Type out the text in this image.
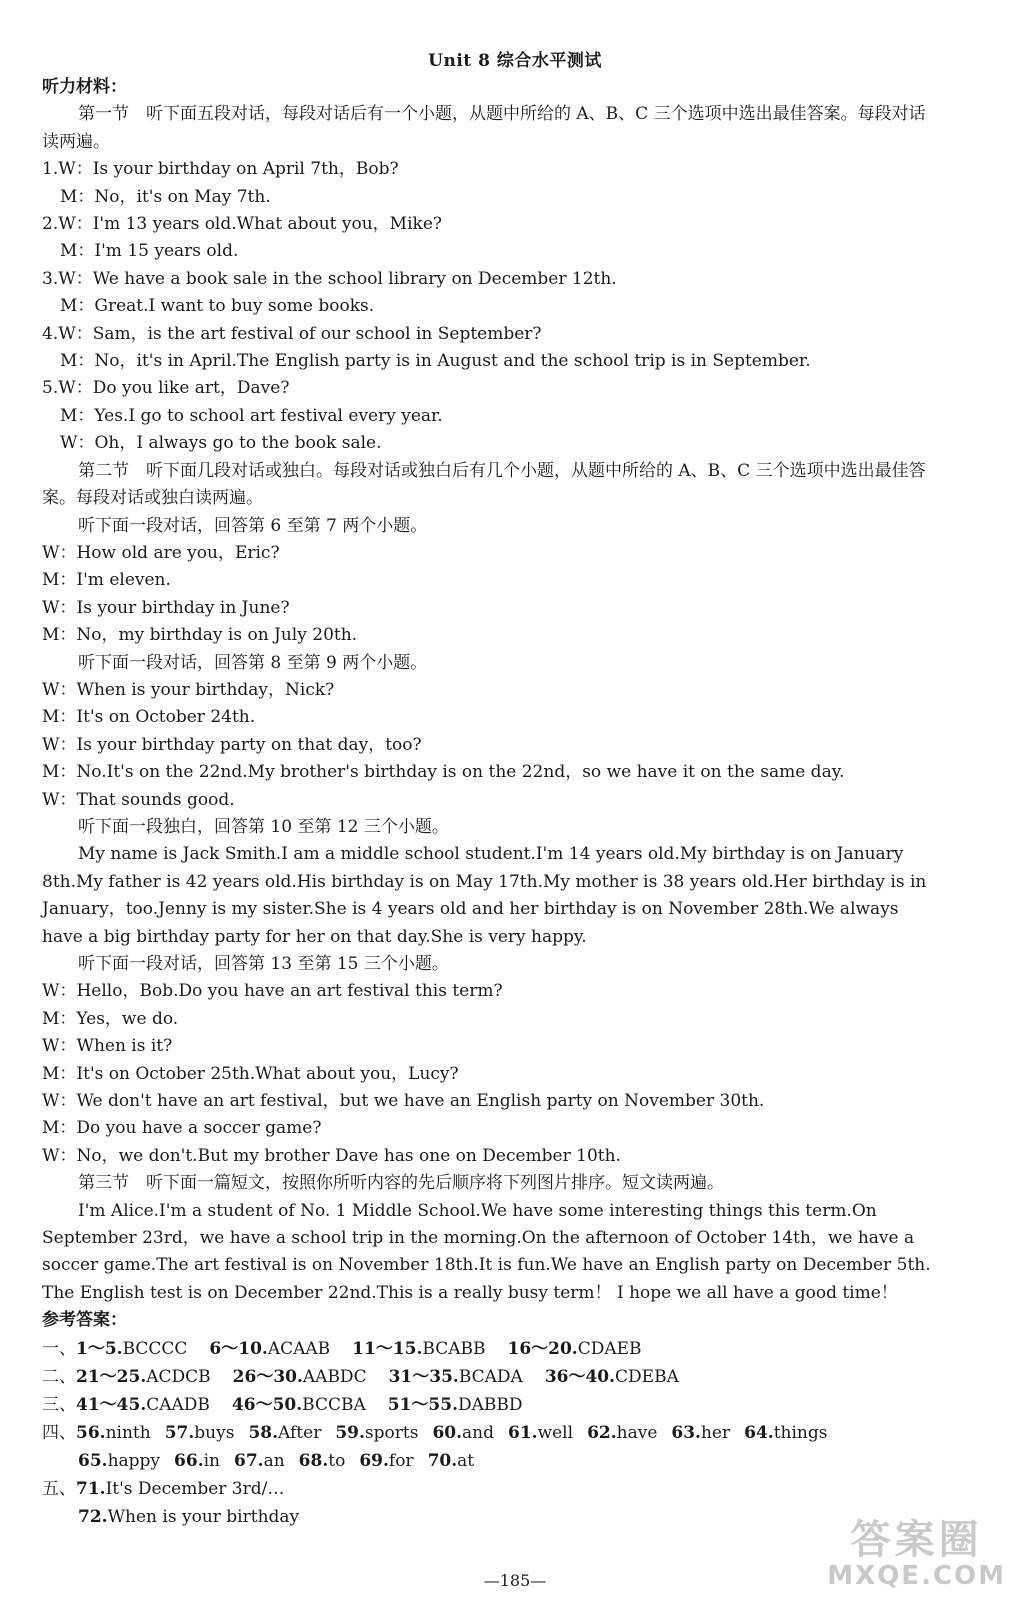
Unit 8 综合水平测试

听力材料：

第一节　听下面五段对话，每段对话后有一个小题，从题中所给的 A、B、C 三个选项中选出最佳答案。每段对话读两遍。

1.W：Is your birthday on April 7th，Bob?

M：No，it's on May 7th.

2.W：I'm 13 years old.What about you，Mike?

M：I'm 15 years old.

3.W：We have a book sale in the school library on December 12th.

M：Great.I want to buy some books.

4.W：Sam，is the art festival of our school in September?

M：No，it's in April.The English party is in August and the school trip is in September.

5.W：Do you like art，Dave?

M：Yes.I go to school art festival every year.

W：Oh，I always go to the book sale.

第二节　听下面几段对话或独白。每段对话或独白后有几个小题，从题中所给的 A、B、C 三个选项中选出最佳答案。每段对话或独白读两遍。

听下面一段对话，回答第 6 至第 7 两个小题。

W：How old are you，Eric?

M：I'm eleven.

W：Is your birthday in June?

M：No，my birthday is on July 20th.

听下面一段对话，回答第 8 至第 9 两个小题。

W：When is your birthday，Nick?

M：It's on October 24th.

W：Is your birthday party on that day，too?

M：No.It's on the 22nd.My brother's birthday is on the 22nd，so we have it on the same day.

W：That sounds good.

听下面一段独白，回答第 10 至第 12 三个小题。

My name is Jack Smith.I am a middle school student.I'm 14 years old.My birthday is on January 8th.My father is 42 years old.His birthday is on May 17th.My mother is 38 years old.Her birthday is in January，too.Jenny is my sister.She is 4 years old and her birthday is on November 28th.We always have a big birthday party for her on that day.She is very happy.

听下面一段对话，回答第 13 至第 15 三个小题。

W：Hello，Bob.Do you have an art festival this term?

M：Yes，we do.

W：When is it?

M：It's on October 25th.What about you，Lucy?

W：We don't have an art festival，but we have an English party on November 30th.

M：Do you have a soccer game?

W：No，we don't.But my brother Dave has one on December 10th.

第三节　听下面一篇短文，按照你所听内容的先后顺序将下列图片排序。短文读两遍。

I'm Alice.I'm a student of No. 1 Middle School.We have some interesting things this term.On September 23rd，we have a school trip in the morning.On the afternoon of October 14th，we have a soccer game.The art festival is on November 18th.It is fun.We have an English party on December 5th. The English test is on December 22nd.This is a really busy term！ I hope we all have a good time！

参考答案：

一、1～5.BCCCC 6～10.ACAAB 11～15.BCABB 16～20.CDAEB
二、21～25.ACDCB 26～30.AABDC 31～35.BCADA 36～40.CDEBA
三、41～45.CAADB 46～50.BCCBA 51～55.DABBD
四、56.ninth 57.buys 58.After 59.sports 60.and 61.well 62.have 63.her 64.things
65.happy 66.in 67.an 68.to 69.for 70.at
五、71.It's December 3rd/…
72.When is your birthday
—185—
答案圈
MXQE.COM
